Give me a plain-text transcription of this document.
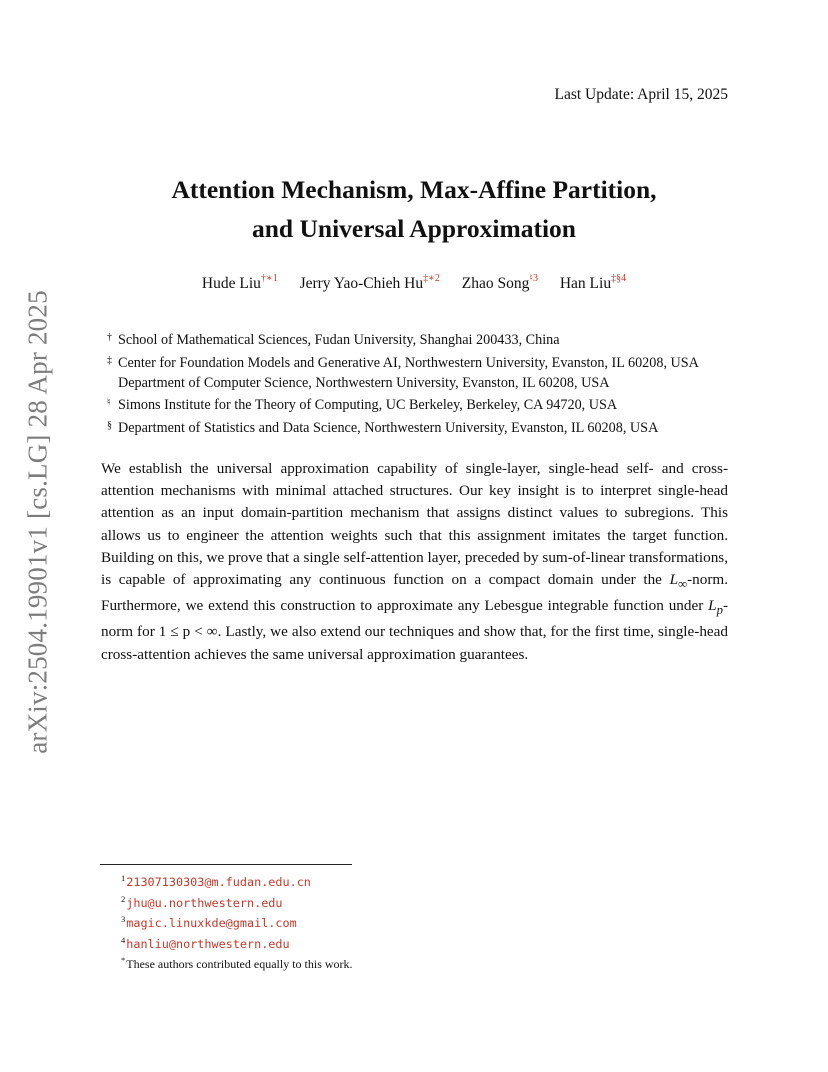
arXiv:2504.19901v1 [cs.LG] 28 Apr 2025
Last Update: April 15, 2025
Attention Mechanism, Max-Affine Partition,
and Universal Approximation
Hude Liu$^{\dagger∗1}$ Jerry Yao-Chieh $Hu^{\ddagger∗2}$ Zhao Song$^{♮3}$ Han Liu$^{\ddagger\S 4}$
† School of Mathematical Sciences, Fudan University, Shanghai 200433, China
‡ Center for Foundation Models and Generative AI, Northwestern University, Evanston, IL 60208, USA
Department of Computer Science, Northwestern University, Evanston, IL 60208, USA
♮ Simons Institute for the Theory of Computing, UC Berkeley, Berkeley, CA 94720, USA
§ Department of Statistics and Data Science, Northwestern University, Evanston, IL 60208, USA

We establish the universal approximation capability of single-layer, single-head self- and cross-attention mechanisms with minimal attached structures. Our key insight is to interpret single-head attention as an input domain-partition mechanism that assigns distinct values to subregions. This allows us to engineer the attention weights such that this assignment imitates the target function. Building on this, we prove that a single self-attention layer, preceded by sum-of-linear transformations, is capable of approximating any continuous function on a compact domain under the $L_\infty$-norm. Furthermore, we extend this construction to approximate any Lebesgue integrable function under $L_p$-norm for 1 ≤ p < ∞. Lastly, we also extend our techniques and show that, for the first time, single-head cross-attention achieves the same universal approximation guarantees.

$^1$21307130303@m.fudan.edu.cn
$^2$jhu@u.northwestern.edu
$^3$magic.linuxkde@gmail.com
$^4$hanliu@northwestern.edu
*These authors contributed equally to this work.
